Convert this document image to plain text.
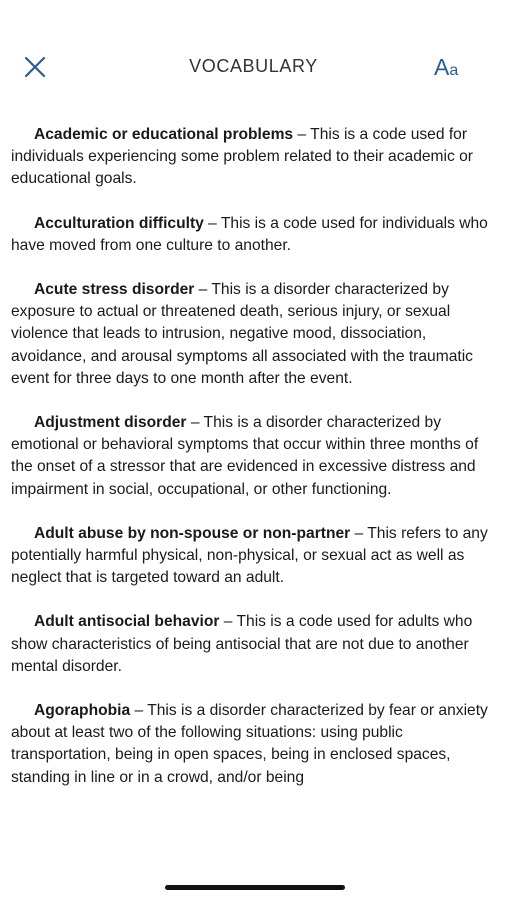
VOCABULARY	Aa

Academic or educational problems – This is a code used for individuals experiencing some problem related to their academic or educational goals.

Acculturation difficulty – This is a code used for individuals who have moved from one culture to another.

Acute stress disorder – This is a disorder characterized by exposure to actual or threatened death, serious injury, or sexual violence that leads to intrusion, negative mood, dissociation, avoidance, and arousal symptoms all associated with the traumatic event for three days to one month after the event.

Adjustment disorder – This is a disorder characterized by emotional or behavioral symptoms that occur within three months of the onset of a stressor that are evidenced in excessive distress and impairment in social, occupational, or other functioning.

Adult abuse by non-spouse or non-partner – This refers to any potentially harmful physical, non-physical, or sexual act as well as neglect that is targeted toward an adult.

Adult antisocial behavior – This is a code used for adults who show characteristics of being antisocial that are not due to another mental disorder.

Agoraphobia – This is a disorder characterized by fear or anxiety about at least two of the following situations: using public transportation, being in open spaces, being in enclosed spaces, standing in line or in a crowd, and/or being
